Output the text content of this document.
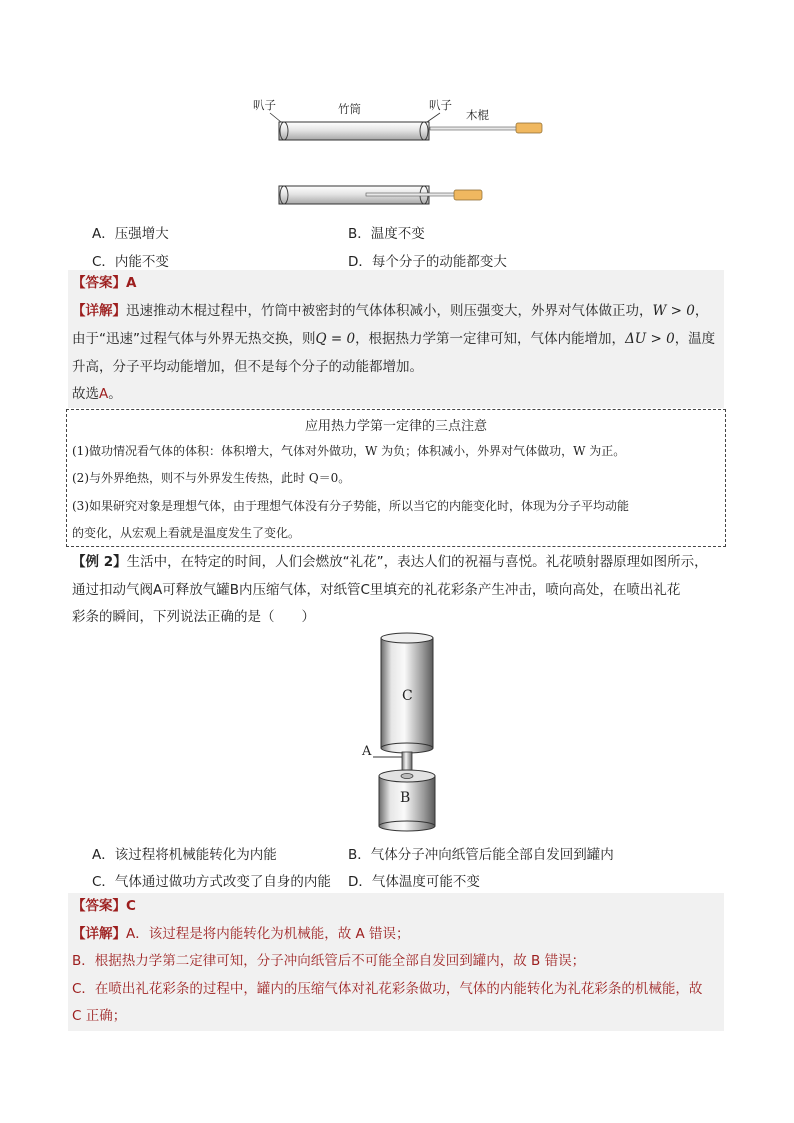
叭子	竹筒	叭子
木棍
A．压强增大	B．温度不变
C．内能不变	D．每个分子的动能都变大
【答案】A
【详解】迅速推动木棍过程中，竹筒中被密封的气体体积减小，则压强变大，外界对气体做正功，W > 0，
由于“迅速”过程气体与外界无热交换，则Q = 0，根据热力学第一定律可知，气体内能增加，ΔU > 0，温度
升高，分子平均动能增加，但不是每个分子的动能都增加。
故选A。
应用热力学第一定律的三点注意
(1)做功情况看气体的体积：体积增大，气体对外做功，W 为负；体积减小，外界对气体做功，W 为正。
(2)与外界绝热，则不与外界发生传热，此时 Q＝0。
(3)如果研究对象是理想气体，由于理想气体没有分子势能，所以当它的内能变化时，体现为分子平均动能
的变化，从宏观上看就是温度发生了变化。
【例 2】生活中，在特定的时间，人们会燃放“礼花”，表达人们的祝福与喜悦。礼花喷射器原理如图所示，
通过扣动气阀A可释放气罐B内压缩气体，对纸管C里填充的礼花彩条产生冲击，喷向高处，在喷出礼花
彩条的瞬间，下列说法正确的是（　　）
C
A
B
A．该过程将机械能转化为内能	B．气体分子冲向纸管后能全部自发回到罐内
C．气体通过做功方式改变了自身的内能 D．气体温度可能不变
【答案】C
【详解】A．该过程是将内能转化为机械能，故 A 错误；
B．根据热力学第二定律可知，分子冲向纸管后不可能全部自发回到罐内，故 B 错误；
C．在喷出礼花彩条的过程中，罐内的压缩气体对礼花彩条做功，气体的内能转化为礼花彩条的机械能，故
C 正确；
